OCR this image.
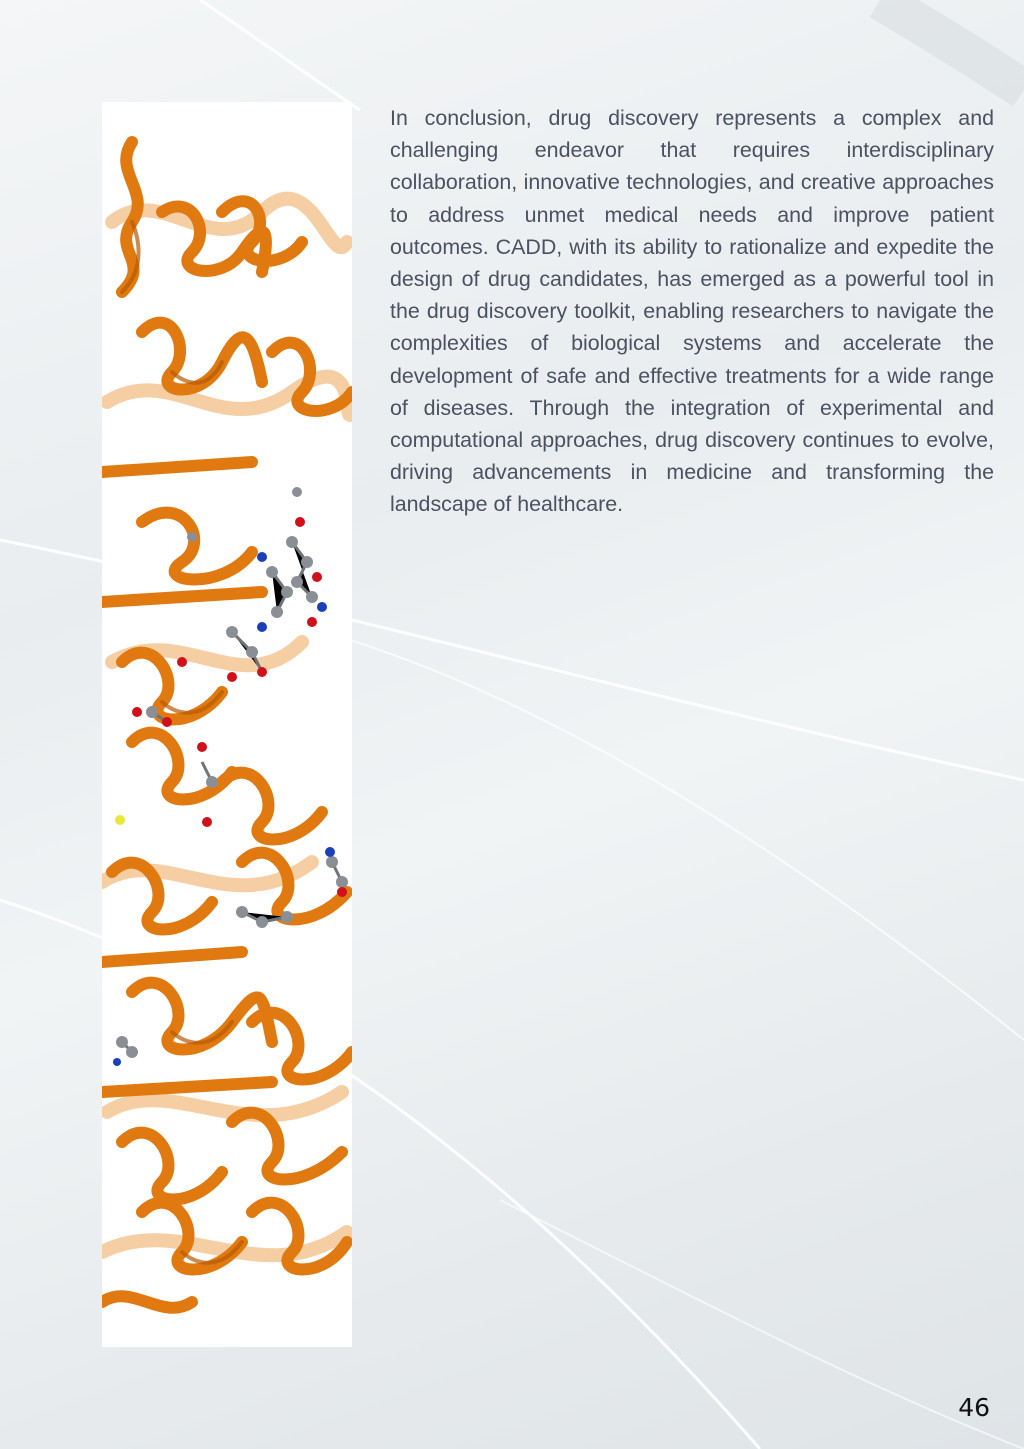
In conclusion, drug discovery represents a complex and challenging endeavor that requires interdisciplinary collaboration, innovative technologies, and creative approaches to address unmet medical needs and improve patient outcomes. CADD, with its ability to rationalize and expedite the design of drug candidates, has emerged as a powerful tool in the drug discovery toolkit, enabling researchers to navigate the complexities of biological systems and accelerate the development of safe and effective treatments for a wide range of diseases. Through the integration of experimental and computational approaches, drug discovery continues to evolve, driving advancements in medicine and transforming the landscape of healthcare.

46
